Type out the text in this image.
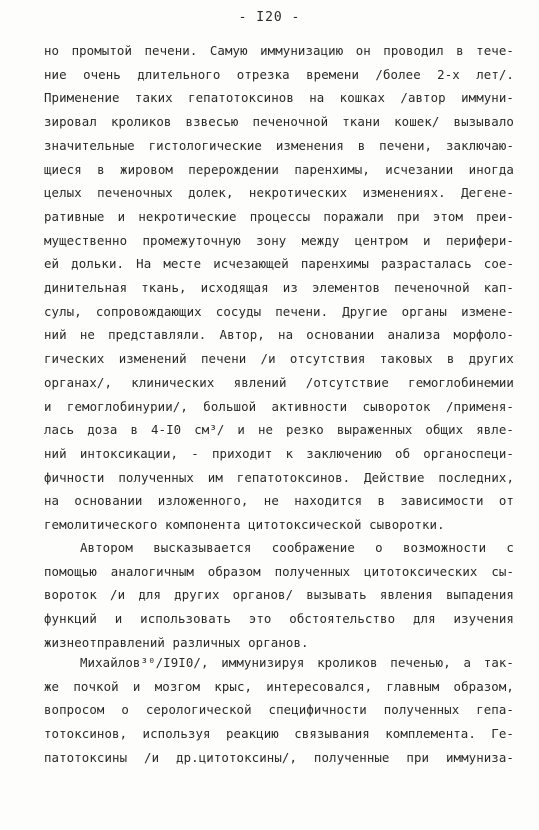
- I20 -
но промытой печени. Самую иммунизацию он проводил в тече-
ние очень длительного отрезка времени /более 2-х лет/.
Применение таких гепатотоксинов на кошках /автор иммуни-
зировал кроликов взвесью печеночной ткани кошек/ вызывало
значительные гистологические изменения в печени, заключаю-
щиеся в жировом перерождении паренхимы, исчезании иногда
целых печеночных долек, некротических изменениях. Дегене-
ративные и некротические процессы поражали при этом преи-
мущественно промежуточную зону между центром и перифери-
ей дольки. На месте исчезающей паренхимы разрасталась сое-
динительная ткань, исходящая из элементов печеночной кап-
сулы, сопровождающих сосуды печени. Другие органы измене-
ний не представляли. Автор, на основании анализа морфоло-
гических изменений печени /и отсутствия таковых в других
органах/, клинических явлений /отсутствие гемоглобинемии
и гемоглобинурии/, большой активности сывороток /применя-
лась доза в 4-I0 см³/ и не резко выраженных общих явле-
ний интоксикации, - приходит к заключению об органоспеци-
фичности полученных им гепатотоксинов. Действие последних,
на основании изложенного, не находится в зависимости от
гемолитического компонента цитотоксической сыворотки.
Автором высказывается соображение о возможности с
помощью аналогичным образом полученных цитотоксических сы-
вороток /и для других органов/ вызывать явления выпадения
функций и использовать это обстоятельство для изучения
жизнеотправлений различных органов.
Михайлов³⁰/I9I0/, иммунизируя кроликов печенью, а так-
же почкой и мозгом крыс, интересовался, главным образом,
вопросом о серологической специфичности полученных гепа-
тотоксинов, используя реакцию связывания комплемента. Ге-
патотоксины /и др.цитотоксины/, полученные при иммуниза-
